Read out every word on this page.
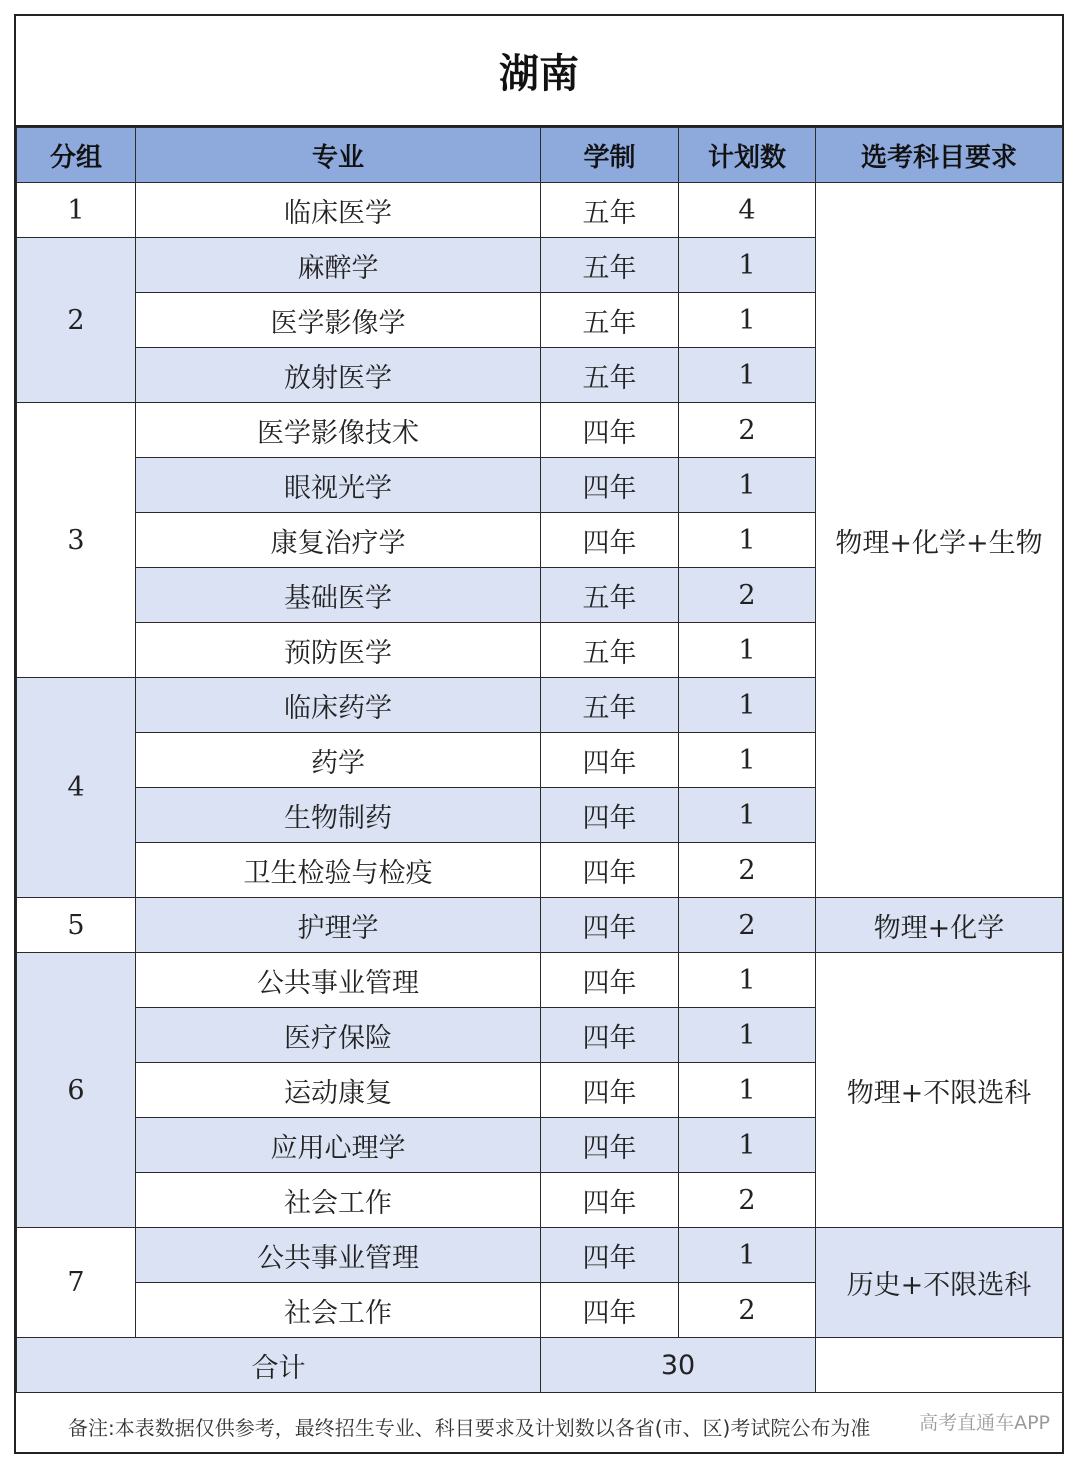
湖南
分组	专业	学制	计划数	选考科目要求
1	临床医学	五年	4	物理+化学+生物
2	麻醉学	五年	1	
	医学影像学	五年	1	
	放射医学	五年	1	
3	医学影像技术	四年	2	
	眼视光学	四年	1	
	康复治疗学	四年	1	
	基础医学	五年	2	
	预防医学	五年	1	
4	临床药学	五年	1	
	药学	四年	1	
	生物制药	四年	1	
	卫生检验与检疫	四年	2	
5	护理学	四年	2	物理+化学
6	公共事业管理	四年	1	物理+不限选科
	医疗保险	四年	1	
	运动康复	四年	1	
	应用心理学	四年	1	
	社会工作	四年	2	
7	公共事业管理	四年	1	历史+不限选科
	社会工作	四年	2	
合计		30		
备注:本表数据仅供参考，最终招生专业、科目要求及计划数以各省(市、区)考试院公布为准	高考直通车APP
